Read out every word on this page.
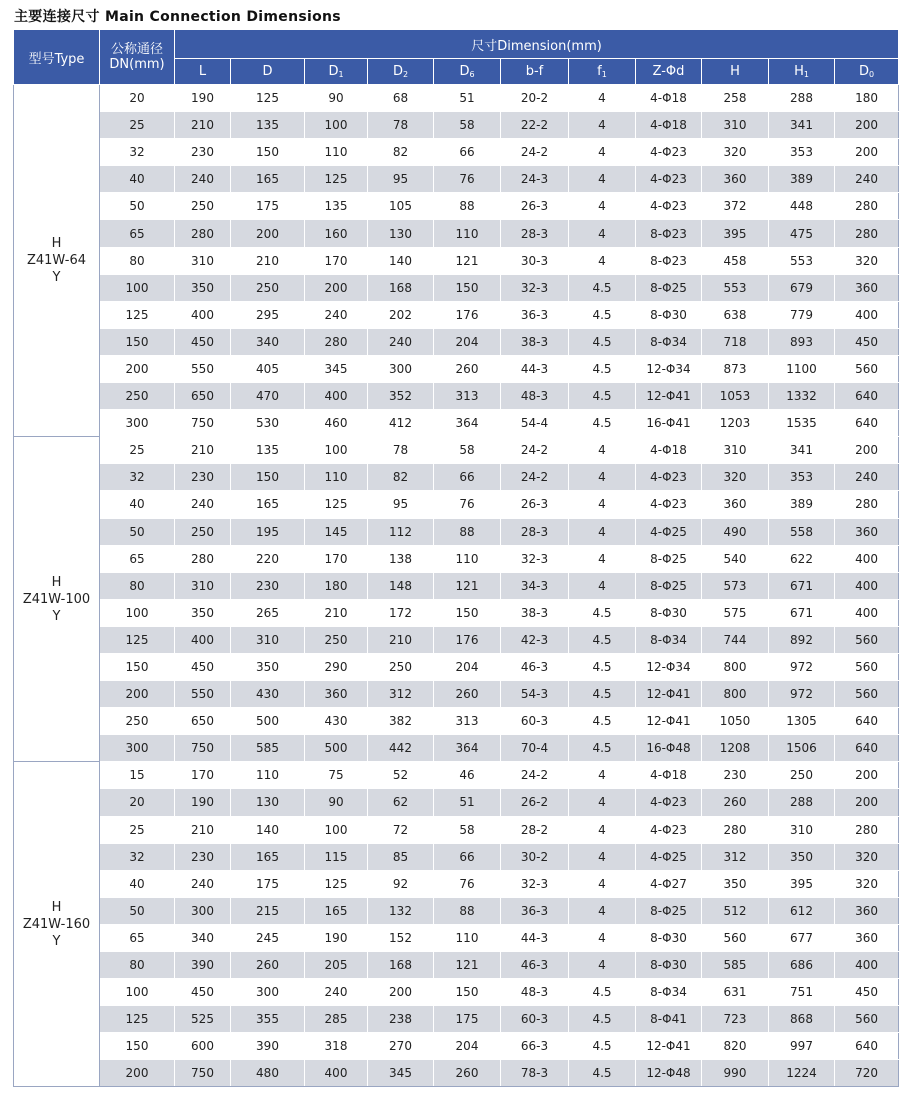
主要连接尺寸 Main Connection Dimensions
型号Type	公称通径
DN(mm)	尺寸Dimension(mm)										
		L	D	$D_1$	$D_2$	$D_6$	b-f	$f_1$	Z-Φd	H	$H_1$	$D_0$

H
Z41W-64
Y	20	190	125	90	68	51	20-2	4	4-Φ18	258	288	180
	25	210	135	100	78	58	22-2	4	4-Φ18	310	341	200
	32	230	150	110	82	66	24-2	4	4-Φ23	320	353	200
	40	240	165	125	95	76	24-3	4	4-Φ23	360	389	240
	50	250	175	135	105	88	26-3	4	4-Φ23	372	448	280
	65	280	200	160	130	110	28-3	4	8-Φ23	395	475	280
	80	310	210	170	140	121	30-3	4	8-Φ23	458	553	320
	100	350	250	200	168	150	32-3	4.5	8-Φ25	553	679	360
	125	400	295	240	202	176	36-3	4.5	8-Φ30	638	779	400
	150	450	340	280	240	204	38-3	4.5	8-Φ34	718	893	450
	200	550	405	345	300	260	44-3	4.5	12-Φ34	873	1100	560
	250	650	470	400	352	313	48-3	4.5	12-Φ41	1053	1332	640
	300	750	530	460	412	364	54-4	4.5	16-Φ41	1203	1535	640

H
Z41W-100
Y	25	210	135	100	78	58	24-2	4	4-Φ18	310	341	200
	32	230	150	110	82	66	24-2	4	4-Φ23	320	353	240
	40	240	165	125	95	76	26-3	4	4-Φ23	360	389	280
	50	250	195	145	112	88	28-3	4	4-Φ25	490	558	360
	65	280	220	170	138	110	32-3	4	8-Φ25	540	622	400
	80	310	230	180	148	121	34-3	4	8-Φ25	573	671	400
	100	350	265	210	172	150	38-3	4.5	8-Φ30	575	671	400
	125	400	310	250	210	176	42-3	4.5	8-Φ34	744	892	560
	150	450	350	290	250	204	46-3	4.5	12-Φ34	800	972	560
	200	550	430	360	312	260	54-3	4.5	12-Φ41	800	972	560
	250	650	500	430	382	313	60-3	4.5	12-Φ41	1050	1305	640
	300	750	585	500	442	364	70-4	4.5	16-Φ48	1208	1506	640

H
Z41W-160
Y	15	170	110	75	52	46	24-2	4	4-Φ18	230	250	200
	20	190	130	90	62	51	26-2	4	4-Φ23	260	288	200
	25	210	140	100	72	58	28-2	4	4-Φ23	280	310	280
	32	230	165	115	85	66	30-2	4	4-Φ25	312	350	320
	40	240	175	125	92	76	32-3	4	4-Φ27	350	395	320
	50	300	215	165	132	88	36-3	4	8-Φ25	512	612	360
	65	340	245	190	152	110	44-3	4	8-Φ30	560	677	360
	80	390	260	205	168	121	46-3	4	8-Φ30	585	686	400
	100	450	300	240	200	150	48-3	4.5	8-Φ34	631	751	450
	125	525	355	285	238	175	60-3	4.5	8-Φ41	723	868	560
	150	600	390	318	270	204	66-3	4.5	12-Φ41	820	997	640
	200	750	480	400	345	260	78-3	4.5	12-Φ48	990	1224	720
